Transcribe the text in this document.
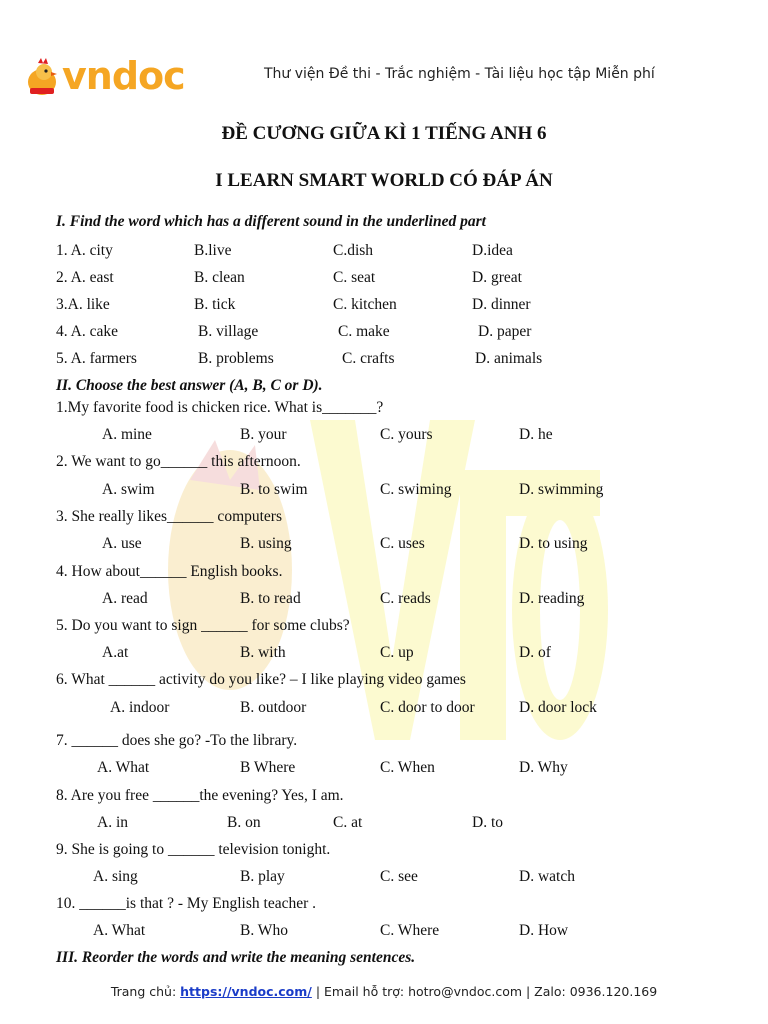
vndoc	Thư viện Đề thi - Trắc nghiệm - Tài liệu học tập Miễn phí
ĐỀ CƯƠNG GIỮA KÌ 1 TIẾNG ANH 6
I LEARN SMART WORLD CÓ ĐÁP ÁN
I. Find the word which has a different sound in the underlined part
1. A. city	B.live	C.dish	D.idea
2. A. east	B. clean	C. seat	D. great
3.A. like	B. tick	C. kitchen	D. dinner
4. A. cake	B. village	C. make	D. paper
5. A. farmers	B. problems	C. crafts	D. animals
II. Choose the best answer (A, B, C or D).
1.My favorite food is chicken rice. What is_______?
A. mine	B. your	C. yours	D. he
2. We want to go______ this afternoon.
A. swim	B. to swim	C. swiming	D. swimming
3. She really likes______ computers
A. use	B. using	C. uses	D. to using
4. How about______ English books.
A. read	B. to read	C. reads	D. reading
5. Do you want to sign ______ for some clubs?
A.at	B. with	C. up	D. of
6. What ______ activity do you like? – I like playing video games
A. indoor	B. outdoor	C. door to door	D. door lock
7. ______ does she go? -To the library.
A. What	B Where	C. When	D. Why
8. Are you free ______the evening? Yes, I am.
A. in	B. on	C. at	D. to
9. She is going to ______ television tonight.
A. sing	B. play	C. see	D. watch
10. ______is that ? - My English teacher .
A. What	B. Who	C. Where	D. How
III. Reorder the words and write the meaning sentences.
Trang chủ: https://vndoc.com/ | Email hỗ trợ: hotro@vndoc.com | Zalo: 0936.120.169
